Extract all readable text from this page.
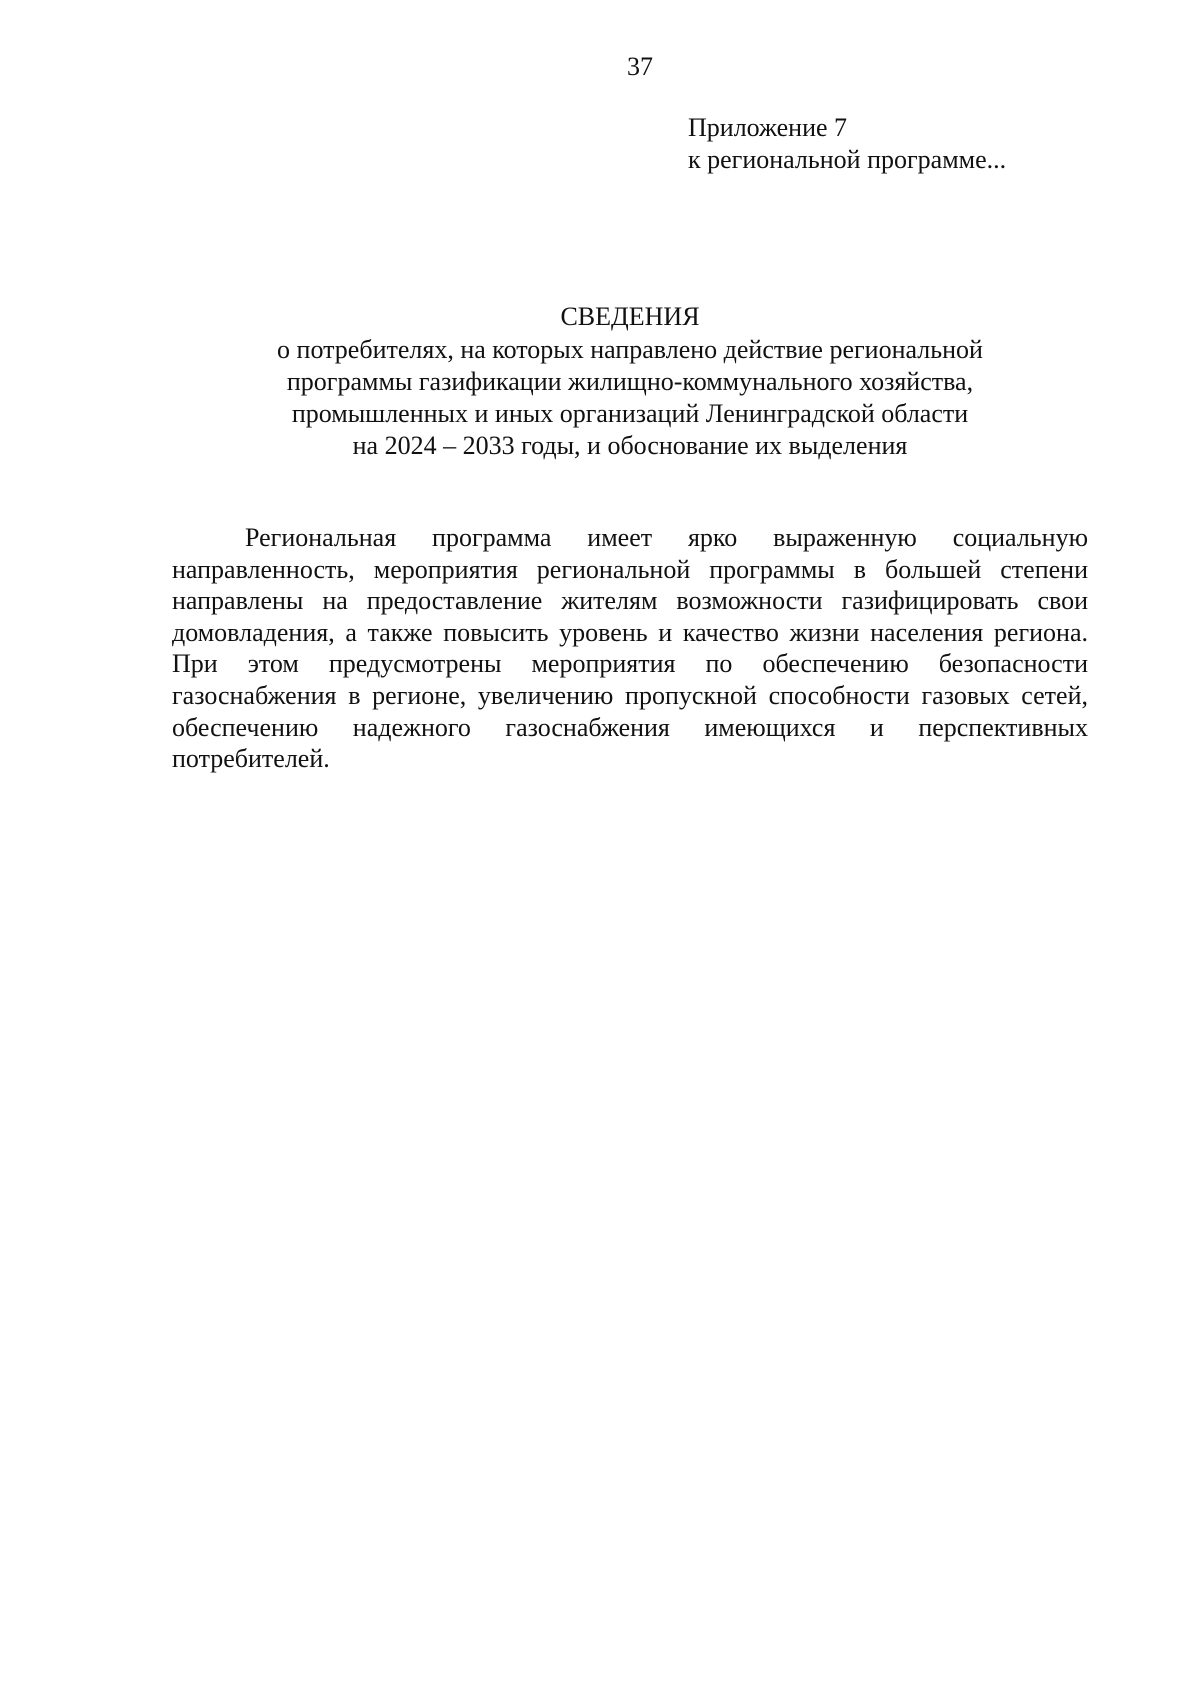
37
Приложение 7
к региональной программе...
СВЕДЕНИЯ
о потребителях, на которых направлено действие региональной
программы газификации жилищно-коммунального хозяйства,
промышленных и иных организаций Ленинградской области
на 2024 – 2033 годы, и обоснование их выделения

Региональная программа имеет ярко выраженную социальную направленность, мероприятия региональной программы в большей степени направлены на предоставление жителям возможности газифицировать свои домовладения, а также повысить уровень и качество жизни населения региона. При этом предусмотрены мероприятия по обеспечению безопасности газоснабжения в регионе, увеличению пропускной способности газовых сетей, обеспечению надежного газоснабжения имеющихся и перспективных потребителей.
